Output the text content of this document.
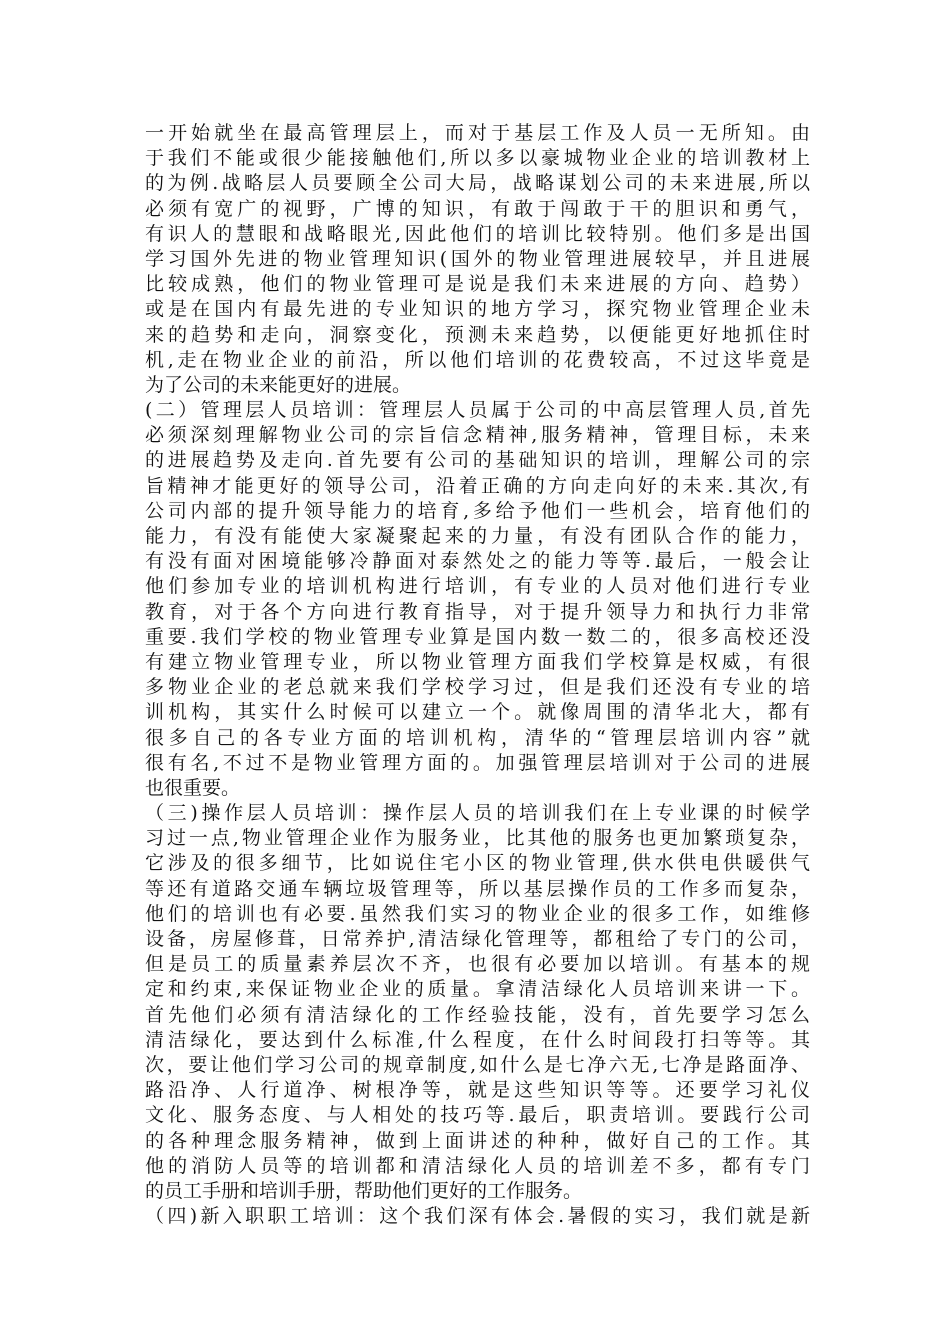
一开始就坐在最高管理层上，而对于基层工作及人员一无所知。由
于我们不能或很少能接触他们,所以多以豪城物业企业的培训教材上
的为例.战略层人员要顾全公司大局，战略谋划公司的未来进展,所以
必须有宽广的视野，广博的知识，有敢于闯敢于干的胆识和勇气，
有识人的慧眼和战略眼光,因此他们的培训比较特别。他们多是出国
学习国外先进的物业管理知识(国外的物业管理进展较早，并且进展
比较成熟，他们的物业管理可是说是我们未来进展的方向、趋势）
或是在国内有最先进的专业知识的地方学习，探究物业管理企业未
来的趋势和走向，洞察变化，预测未来趋势，以便能更好地抓住时
机,走在物业企业的前沿，所以他们培训的花费较高，不过这毕竟是
为了公司的未来能更好的进展。
(二）管理层人员培训：管理层人员属于公司的中高层管理人员,首先
必须深刻理解物业公司的宗旨信念精神,服务精神，管理目标，未来
的进展趋势及走向.首先要有公司的基础知识的培训，理解公司的宗
旨精神才能更好的领导公司，沿着正确的方向走向好的未来.其次,有
公司内部的提升领导能力的培育,多给予他们一些机会，培育他们的
能力，有没有能使大家凝聚起来的力量，有没有团队合作的能力，
有没有面对困境能够冷静面对泰然处之的能力等等.最后，一般会让
他们参加专业的培训机构进行培训，有专业的人员对他们进行专业
教育，对于各个方向进行教育指导，对于提升领导力和执行力非常
重要.我们学校的物业管理专业算是国内数一数二的，很多高校还没
有建立物业管理专业，所以物业管理方面我们学校算是权威，有很
多物业企业的老总就来我们学校学习过，但是我们还没有专业的培
训机构，其实什么时候可以建立一个。就像周围的清华北大，都有
很多自己的各专业方面的培训机构，清华的“管理层培训内容”就
很有名,不过不是物业管理方面的。加强管理层培训对于公司的进展
也很重要。
（三)操作层人员培训：操作层人员的培训我们在上专业课的时候学
习过一点,物业管理企业作为服务业，比其他的服务也更加繁琐复杂，
它涉及的很多细节，比如说住宅小区的物业管理,供水供电供暖供气
等还有道路交通车辆垃圾管理等，所以基层操作员的工作多而复杂，
他们的培训也有必要.虽然我们实习的物业企业的很多工作，如维修
设备，房屋修葺，日常养护,清洁绿化管理等，都租给了专门的公司，
但是员工的质量素养层次不齐，也很有必要加以培训。有基本的规
定和约束,来保证物业企业的质量。拿清洁绿化人员培训来讲一下。
首先他们必须有清洁绿化的工作经验技能，没有，首先要学习怎么
清洁绿化，要达到什么标准,什么程度，在什么时间段打扫等等。其
次，要让他们学习公司的规章制度,如什么是七净六无,七净是路面净、
路沿净、人行道净、树根净等，就是这些知识等等。还要学习礼仪
文化、服务态度、与人相处的技巧等.最后，职责培训。要践行公司
的各种理念服务精神，做到上面讲述的种种，做好自己的工作。其
他的消防人员等的培训都和清洁绿化人员的培训差不多，都有专门
的员工手册和培训手册，帮助他们更好的工作服务。
（四)新入职职工培训：这个我们深有体会.暑假的实习，我们就是新
